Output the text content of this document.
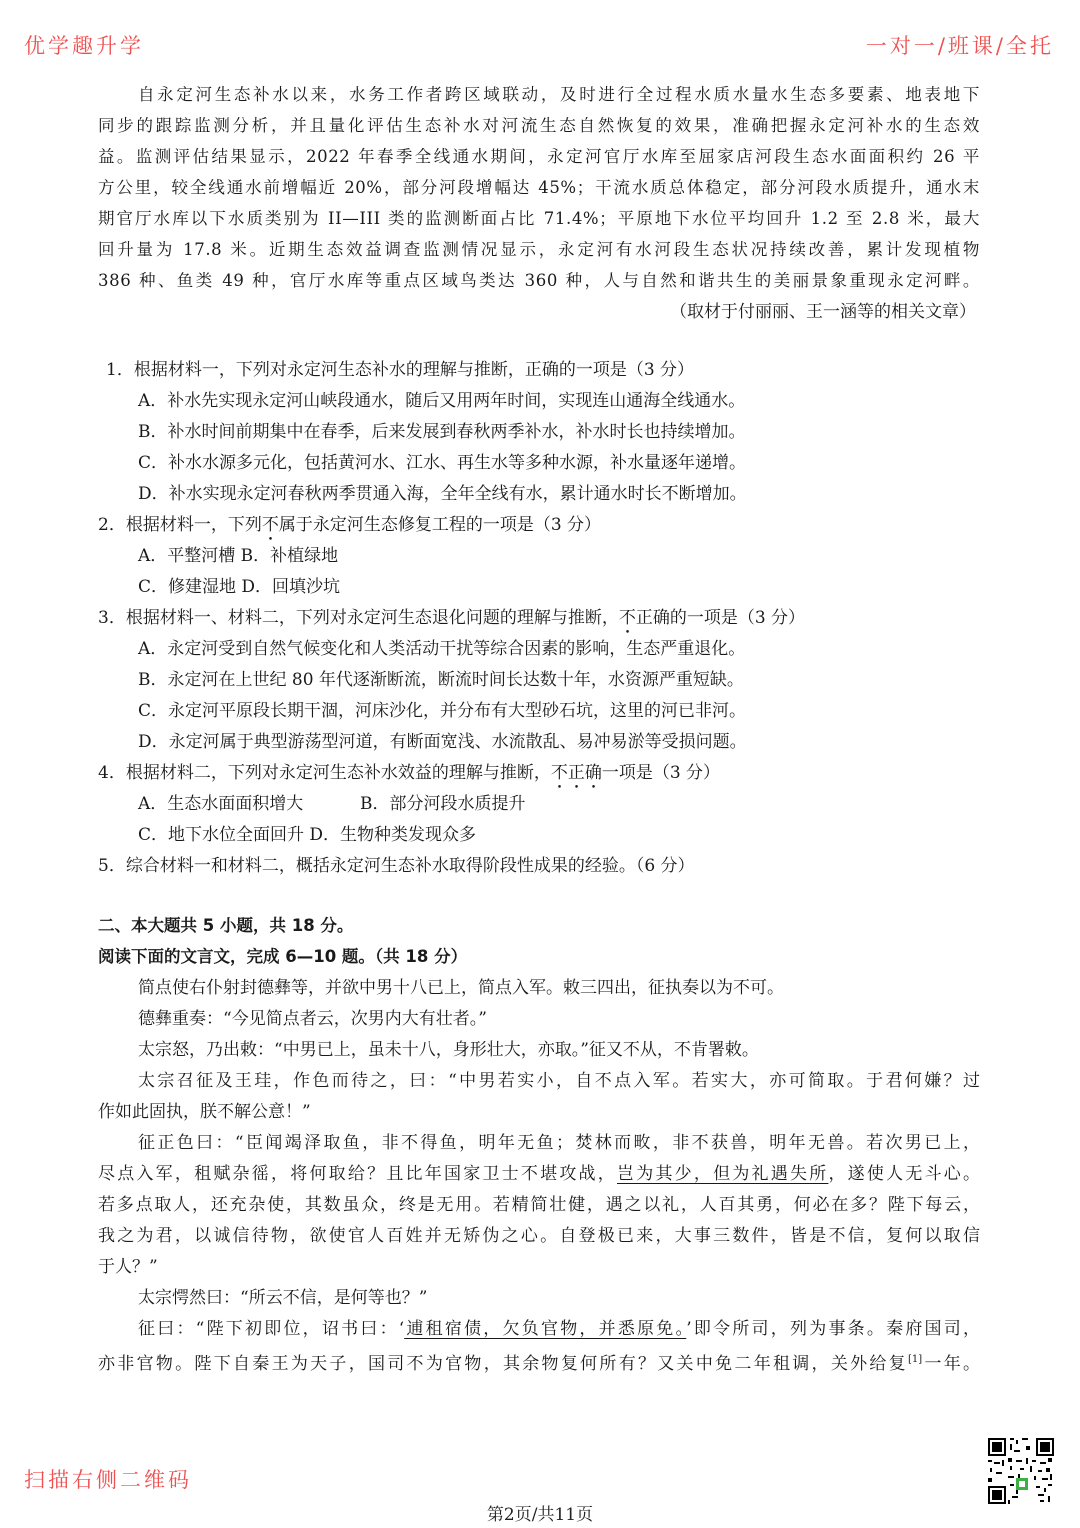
优学趣升学	一对一/班课/全托
自永定河生态补水以来，水务工作者跨区域联动，及时进行全过程水质水量水生态多要素、地表地下
同步的跟踪监测分析，并且量化评估生态补水对河流生态自然恢复的效果，准确把握永定河补水的生态效
益。监测评估结果显示，2022 年春季全线通水期间，永定河官厅水库至屈家店河段生态水面面积约 26 平
方公里，较全线通水前增幅近 20%，部分河段增幅达 45%；干流水质总体稳定，部分河段水质提升，通水末
期官厅水库以下水质类别为 II—III 类的监测断面占比 71.4%；平原地下水位平均回升 1.2 至 2.8 米，最大
回升量为 17.8 米。近期生态效益调查监测情况显示，永定河有水河段生态状况持续改善，累计发现植物
386 种、鱼类 49 种，官厅水库等重点区域鸟类达 360 种，人与自然和谐共生的美丽景象重现永定河畔。
（取材于付丽丽、王一涵等的相关文章）
1．根据材料一，下列对永定河生态补水的理解与推断，正确的一项是（3 分）
A．补水先实现永定河山峡段通水，随后又用两年时间，实现连山通海全线通水。
B．补水时间前期集中在春季，后来发展到春秋两季补水，补水时长也持续增加。
C．补水水源多元化，包括黄河水、江水、再生水等多种水源，补水量逐年递增。
D．补水实现永定河春秋两季贯通入海，全年全线有水，累计通水时长不断增加。
2．根据材料一，下列不属于永定河生态修复工程的一项是（3 分）
A．平整河槽 B．补植绿地
C．修建湿地 D．回填沙坑
3．根据材料一、材料二，下列对永定河生态退化问题的理解与推断，不正确的一项是（3 分）
A．永定河受到自然气候变化和人类活动干扰等综合因素的影响，生态严重退化。
B．永定河在上世纪 80 年代逐渐断流，断流时间长达数十年，水资源严重短缺。
C．永定河平原段长期干涸，河床沙化，并分布有大型砂石坑，这里的河已非河。
D．永定河属于典型游荡型河道，有断面宽浅、水流散乱、易冲易淤等受损问题。
4．根据材料二，下列对永定河生态补水效益的理解与推断，不正确一项是（3 分）
A．生态水面面积增大	B．部分河段水质提升
C．地下水位全面回升 D．生物种类发现众多
5．综合材料一和材料二，概括永定河生态补水取得阶段性成果的经验。（6 分）
二、本大题共 5 小题，共 18 分。
阅读下面的文言文，完成 6—10 题。（共 18 分）
简点使右仆射封德彝等，并欲中男十八已上，简点入军。敕三四出，征执奏以为不可。
德彝重奏：“今见简点者云，次男内大有壮者。”
太宗怒，乃出敕：“中男已上，虽未十八，身形壮大，亦取。”征又不从，不肯署敕。
太宗召征及王珪，作色而待之，曰：“中男若实小，自不点入军。若实大，亦可简取。于君何嫌？过
作如此固执，朕不解公意！”
征正色曰：“臣闻竭泽取鱼，非不得鱼，明年无鱼；焚林而畋，非不获兽，明年无兽。若次男已上，
尽点入军，租赋杂徭，将何取给？且比年国家卫士不堪攻战，岂为其少，但为礼遇失所，遂使人无斗心。
若多点取人，还充杂使，其数虽众，终是无用。若精简壮健，遇之以礼，人百其勇，何必在多？陛下每云，
我之为君，以诚信待物，欲使官人百姓并无矫伪之心。自登极已来，大事三数件，皆是不信，复何以取信
于人？”
太宗愕然曰：“所云不信，是何等也？”
征曰：“陛下初即位，诏书曰：‘逋租宿债，欠负官物，并悉原免。’即令所司，列为事条。秦府国司，
亦非官物。陛下自秦王为天子，国司不为官物，其余物复何所有？又关中免二年租调，关外给复[1]一年。
扫描右侧二维码
第2页/共11页
